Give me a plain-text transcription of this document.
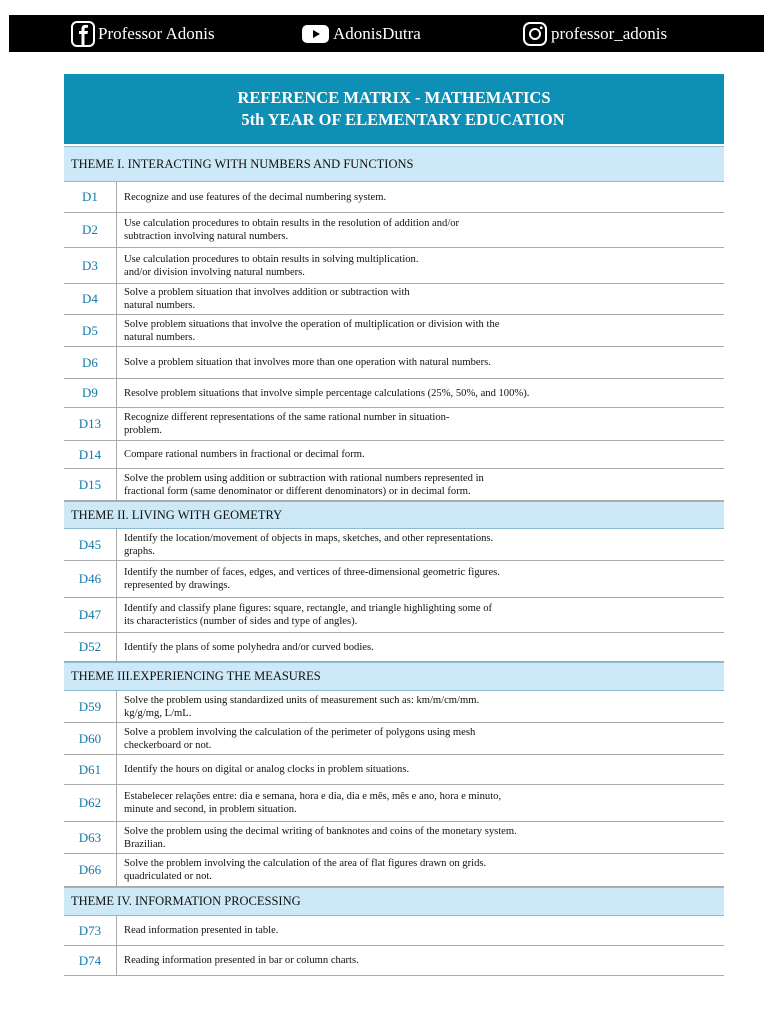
Professor Adonis	AdonisDutra	professor_adonis
REFERENCE MATRIX - MATHEMATICS
5th YEAR OF ELEMENTARY EDUCATION
THEME I. INTERACTING WITH NUMBERS AND FUNCTIONS
D1	Recognize and use features of the decimal numbering system.
D2	Use calculation procedures to obtain results in the resolution of addition and/or
subtraction involving natural numbers.
D3	Use calculation procedures to obtain results in solving multiplication.
and/or division involving natural numbers.
D4	Solve a problem situation that involves addition or subtraction with
natural numbers.
D5	Solve problem situations that involve the operation of multiplication or division with the
natural numbers.
D6	Solve a problem situation that involves more than one operation with natural numbers.
D9	Resolve problem situations that involve simple percentage calculations (25%, 50%, and 100%).
D13	Recognize different representations of the same rational number in situation-
problem.
D14	Compare rational numbers in fractional or decimal form.
D15	Solve the problem using addition or subtraction with rational numbers represented in
fractional form (same denominator or different denominators) or in decimal form.
THEME II. LIVING WITH GEOMETRY
D45	Identify the location/movement of objects in maps, sketches, and other representations.
graphs.
D46	Identify the number of faces, edges, and vertices of three-dimensional geometric figures.
represented by drawings.
D47	Identify and classify plane figures: square, rectangle, and triangle highlighting some of
its characteristics (number of sides and type of angles).
D52	Identify the plans of some polyhedra and/or curved bodies.
THEME III.EXPERIENCING THE MEASURES
D59	Solve the problem using standardized units of measurement such as: km/m/cm/mm.
kg/g/mg, L/mL.
D60	Solve a problem involving the calculation of the perimeter of polygons using mesh
checkerboard or not.
D61	Identify the hours on digital or analog clocks in problem situations.
D62	Estabelecer relações entre: dia e semana, hora e dia, dia e mês, mês e ano, hora e minuto,
minute and second, in problem situation.
D63	Solve the problem using the decimal writing of banknotes and coins of the monetary system.
Brazilian.
D66	Solve the problem involving the calculation of the area of flat figures drawn on grids.
quadriculated or not.
THEME IV. INFORMATION PROCESSING
D73	Read information presented in table.
D74	Reading information presented in bar or column charts.
